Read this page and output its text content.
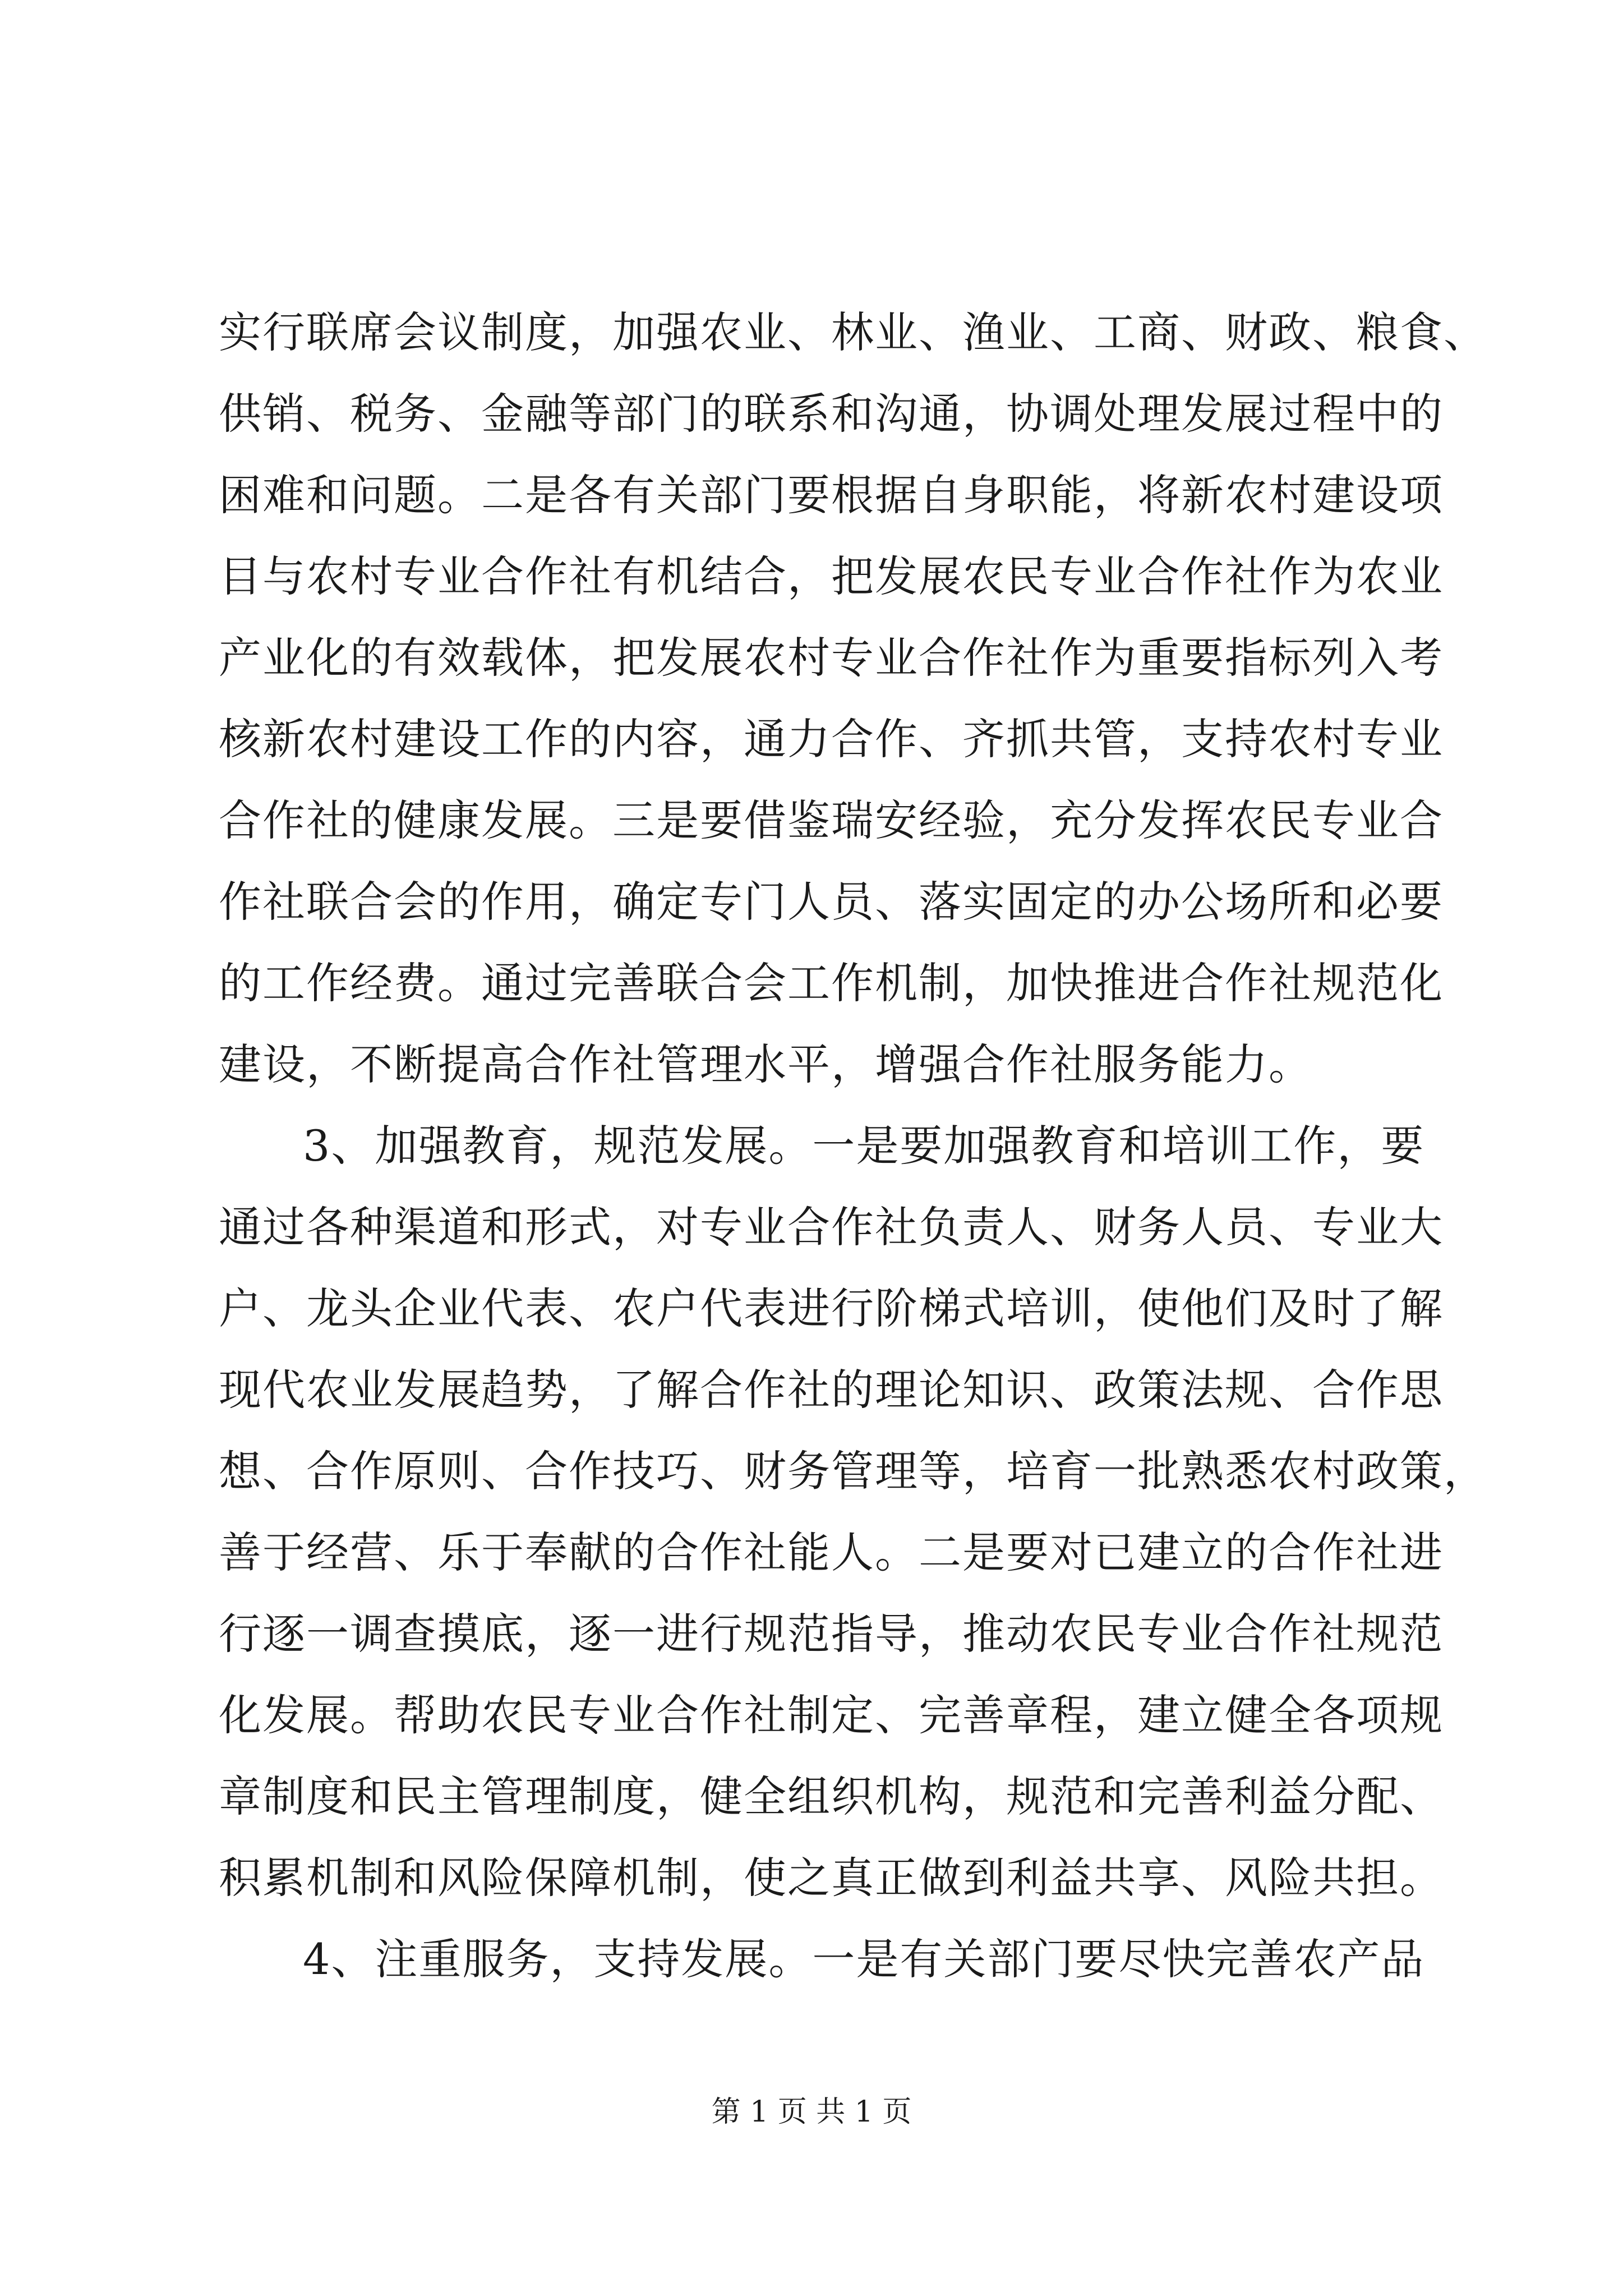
实行联席会议制度，加强农业、林业、渔业、工商、财政、粮食、
供销、税务、金融等部门的联系和沟通，协调处理发展过程中的
困难和问题。二是各有关部门要根据自身职能，将新农村建设项
目与农村专业合作社有机结合，把发展农民专业合作社作为农业
产业化的有效载体，把发展农村专业合作社作为重要指标列入考
核新农村建设工作的内容，通力合作、齐抓共管，支持农村专业
合作社的健康发展。三是要借鉴瑞安经验，充分发挥农民专业合
作社联合会的作用，确定专门人员、落实固定的办公场所和必要
的工作经费。通过完善联合会工作机制，加快推进合作社规范化
建设，不断提高合作社管理水平，增强合作社服务能力。
3、加强教育，规范发展。一是要加强教育和培训工作，要
通过各种渠道和形式，对专业合作社负责人、财务人员、专业大
户、龙头企业代表、农户代表进行阶梯式培训，使他们及时了解
现代农业发展趋势，了解合作社的理论知识、政策法规、合作思
想、合作原则、合作技巧、财务管理等，培育一批熟悉农村政策，
善于经营、乐于奉献的合作社能人。二是要对已建立的合作社进
行逐一调查摸底，逐一进行规范指导，推动农民专业合作社规范
化发展。帮助农民专业合作社制定、完善章程，建立健全各项规
章制度和民主管理制度，健全组织机构，规范和完善利益分配、
积累机制和风险保障机制，使之真正做到利益共享、风险共担。
4、注重服务，支持发展。一是有关部门要尽快完善农产品
第 1 页 共 1 页
